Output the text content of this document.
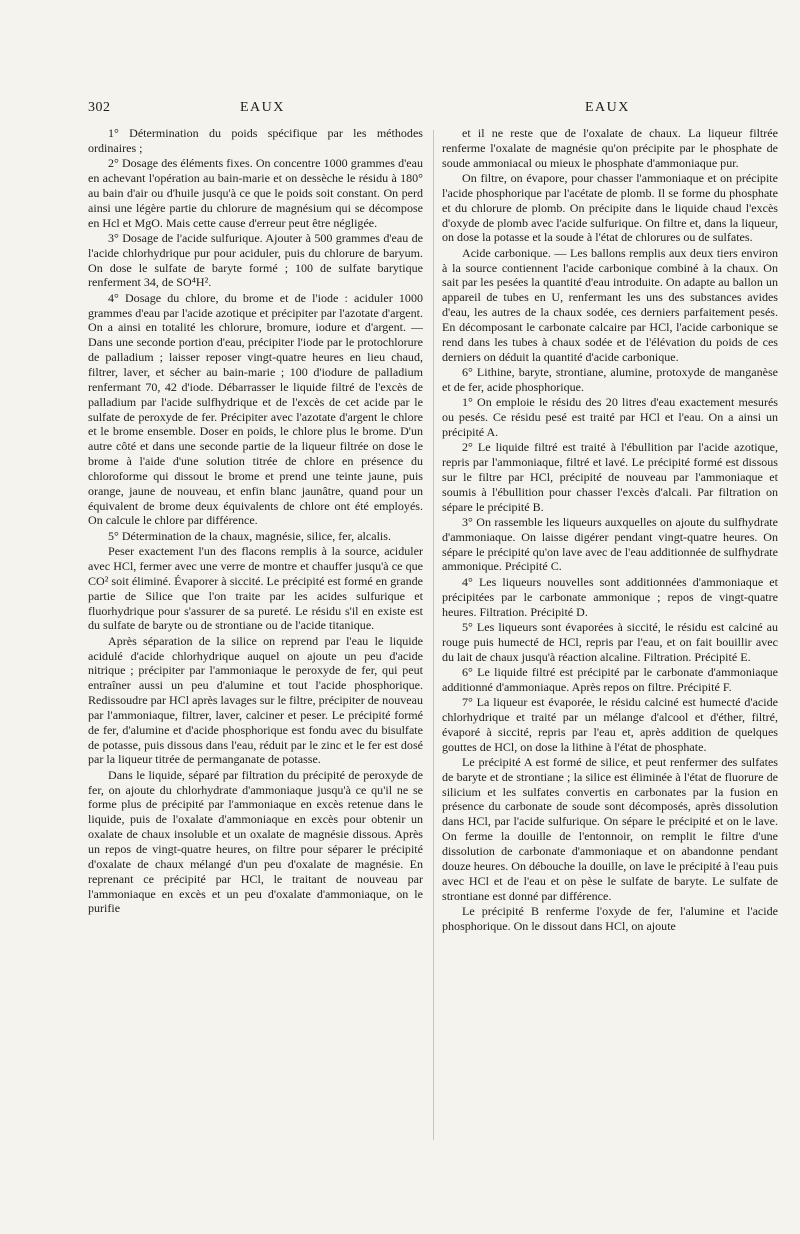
302	EAUX	EAUX

1° Détermination du poids spécifique par les méthodes ordinaires ;

2° Dosage des éléments fixes. On concentre 1000 grammes d'eau en achevant l'opération au bain-marie et on dessèche le résidu à 180° au bain d'air ou d'huile jusqu'à ce que le poids soit constant. On perd ainsi une légère partie du chlorure de magnésium qui se décompose en Hcl et MgO. Mais cette cause d'erreur peut être négligée.

3° Dosage de l'acide sulfurique. Ajouter à 500 grammes d'eau de l'acide chlorhydrique pur pour aciduler, puis du chlorure de baryum. On dose le sulfate de baryte formé ; 100 de sulfate barytique renferment 34, de SO⁴H².

4° Dosage du chlore, du brome et de l'iode : aciduler 1000 grammes d'eau par l'acide azotique et précipiter par l'azotate d'argent. On a ainsi en totalité les chlorure, bromure, iodure et d'argent. — Dans une seconde portion d'eau, précipiter l'iode par le protochlorure de palladium ; laisser reposer vingt-quatre heures en lieu chaud, filtrer, laver, et sécher au bain-marie ; 100 d'iodure de palladium renfermant 70, 42 d'iode. Débarrasser le liquide filtré de l'excès de palladium par l'acide sulfhydrique et de l'excès de cet acide par le sulfate de peroxyde de fer. Précipiter avec l'azotate d'argent le chlore et le brome ensemble. Doser en poids, le chlore plus le brome. D'un autre côté et dans une seconde partie de la liqueur filtrée on dose le brome à l'aide d'une solution titrée de chlore en présence du chloroforme qui dissout le brome et prend une teinte jaune, puis orange, jaune de nouveau, et enfin blanc jaunâtre, quand pour un équivalent de brome deux équivalents de chlore ont été employés. On calcule le chlore par différence.

5° Détermination de la chaux, magnésie, silice, fer, alcalis.

Peser exactement l'un des flacons remplis à la source, aciduler avec HCl, fermer avec une verre de montre et chauffer jusqu'à ce que CO² soit éliminé. Évaporer à siccité. Le précipité est formé en grande partie de Silice que l'on traite par les acides sulfurique et fluorhydrique pour s'assurer de sa pureté. Le résidu s'il en existe est du sulfate de baryte ou de strontiane ou de l'acide titanique.

Après séparation de la silice on reprend par l'eau le liquide acidulé d'acide chlorhydrique auquel on ajoute un peu d'acide nitrique ; précipiter par l'ammoniaque le peroxyde de fer, qui peut entraîner aussi un peu d'alumine et tout l'acide phosphorique. Redissoudre par HCl après lavages sur le filtre, précipiter de nouveau par l'ammoniaque, filtrer, laver, calciner et peser. Le précipité formé de fer, d'alumine et d'acide phosphorique est fondu avec du bisulfate de potasse, puis dissous dans l'eau, réduit par le zinc et le fer est dosé par la liqueur titrée de permanganate de potasse.

Dans le liquide, séparé par filtration du précipité de peroxyde de fer, on ajoute du chlorhydrate d'ammoniaque jusqu'à ce qu'il ne se forme plus de précipité par l'ammoniaque en excès retenue dans le liquide, puis de l'oxalate d'ammoniaque en excès pour obtenir un oxalate de chaux insoluble et un oxalate de magnésie dissous. Après un repos de vingt-quatre heures, on filtre pour séparer le précipité d'oxalate de chaux mélangé d'un peu d'oxalate de magnésie. En reprenant ce précipité par HCl, le traitant de nouveau par l'ammoniaque en excès et un peu d'oxalate d'ammoniaque, on le purifie

et il ne reste que de l'oxalate de chaux. La liqueur filtrée renferme l'oxalate de magnésie qu'on précipite par le phosphate de soude ammoniacal ou mieux le phosphate d'ammoniaque pur.

On filtre, on évapore, pour chasser l'ammoniaque et on précipite l'acide phosphorique par l'acétate de plomb. Il se forme du phosphate et du chlorure de plomb. On précipite dans le liquide chaud l'excès d'oxyde de plomb avec l'acide sulfurique. On filtre et, dans la liqueur, on dose la potasse et la soude à l'état de chlorures ou de sulfates.

Acide carbonique. — Les ballons remplis aux deux tiers environ à la source contiennent l'acide carbonique combiné à la chaux. On sait par les pesées la quantité d'eau introduite. On adapte au ballon un appareil de tubes en U, renfermant les uns des substances avides d'eau, les autres de la chaux sodée, ces derniers parfaitement pesés. En décomposant le carbonate calcaire par HCl, l'acide carbonique se rend dans les tubes à chaux sodée et de l'élévation du poids de ces derniers on déduit la quantité d'acide carbonique.

6° Lithine, baryte, strontiane, alumine, protoxyde de manganèse et de fer, acide phosphorique.

1° On emploie le résidu des 20 litres d'eau exactement mesurés ou pesés. Ce résidu pesé est traité par HCl et l'eau. On a ainsi un précipité A.

2° Le liquide filtré est traité à l'ébullition par l'acide azotique, repris par l'ammoniaque, filtré et lavé. Le précipité formé est dissous sur le filtre par HCl, précipité de nouveau par l'ammoniaque et soumis à l'ébullition pour chasser l'excès d'alcali. Par filtration on sépare le précipité B.

3° On rassemble les liqueurs auxquelles on ajoute du sulfhydrate d'ammoniaque. On laisse digérer pendant vingt-quatre heures. On sépare le précipité qu'on lave avec de l'eau additionnée de sulfhydrate ammonique. Précipité C.

4° Les liqueurs nouvelles sont additionnées d'ammoniaque et précipitées par le carbonate ammonique ; repos de vingt-quatre heures. Filtration. Précipité D.

5° Les liqueurs sont évaporées à siccité, le résidu est calciné au rouge puis humecté de HCl, repris par l'eau, et on fait bouillir avec du lait de chaux jusqu'à réaction alcaline. Filtration. Précipité E.

6° Le liquide filtré est précipité par le carbonate d'ammoniaque additionné d'ammoniaque. Après repos on filtre. Précipité F.

7° La liqueur est évaporée, le résidu calciné est humecté d'acide chlorhydrique et traité par un mélange d'alcool et d'éther, filtré, évaporé à siccité, repris par l'eau et, après addition de quelques gouttes de HCl, on dose la lithine à l'état de phosphate.

Le précipité A est formé de silice, et peut renfermer des sulfates de baryte et de strontiane ; la silice est éliminée à l'état de fluorure de silicium et les sulfates convertis en carbonates par la fusion en présence du carbonate de soude sont décomposés, après dissolution dans HCl, par l'acide sulfurique. On sépare le précipité et on le lave. On ferme la douille de l'entonnoir, on remplit le filtre d'une dissolution de carbonate d'ammoniaque et on abandonne pendant douze heures. On débouche la douille, on lave le précipité à l'eau puis avec HCl et de l'eau et on pèse le sulfate de baryte. Le sulfate de strontiane est donné par différence.

Le précipité B renferme l'oxyde de fer, l'alumine et l'acide phosphorique. On le dissout dans HCl, on ajoute
